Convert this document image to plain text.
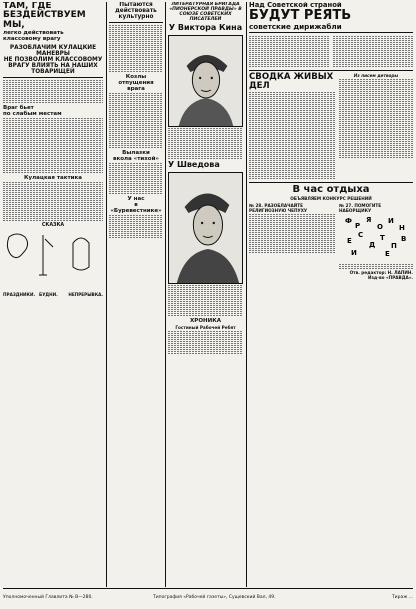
ТАМ, ГДЕ БЕЗДЕЙСТВУЕМ МЫ,
легко действовать классовому врагу
РАЗОБЛАЧИМ КУЛАЦКИЕ МАНЕВРЫ
НЕ ПОЗВОЛИМ КЛАССОВОМУ ВРАГУ ВЛИЯТЬ НА НАШИХ ТОВАРИЩЕЙ
Враг бьет
по слабым местам
Кулацкая тактика
СКАЗКА
ПРАЗДНИКИ. БУДНИ.	НЕПРЕРЫВКА.
Пытаются
действовать
культурно
Козлы
отпущения врага
Вылазки
вкола «тихой»
У нас
в «Буревестнике»
ЛИТЕРАТУРНАЯ БРИГАДА «ПИОНЕРСКОЙ ПРАВДЫ» В СОЮЗЕ СОВЕТСКИХ ПИСАТЕЛЕЙ
У Виктора Кина
У Шведова
ХРОНИКА
Гостиный Рабочей Ребят
Над Советской страной
БУДУТ РЕЯТЬ
советские дирижабли
СВОДКА ЖИВЫХ ДЕЛ
Из писем детворы
В час отдыха
ОБЪЯВЛЯЕМ КОНКУРС РЕШЕНИЙ
№ 28. РАЗОБЛАЧАЙТЕ РЕЛИГИОЗНУЮ ЧЕПУХУ
№ 27. ПОМОГИТЕ НАБОРЩИКУ
Ф
Р
Я
О
И
Н
Е
С
Д
Т
П
В
И	Е
Отв. редактор: Н. ЛАПИН.
Изд-во «ПРАВДА».
Уполномоченный Главлита № В—280.	Типография «Рабочей газеты», Сущевский Вал, 49.	Тираж ...
